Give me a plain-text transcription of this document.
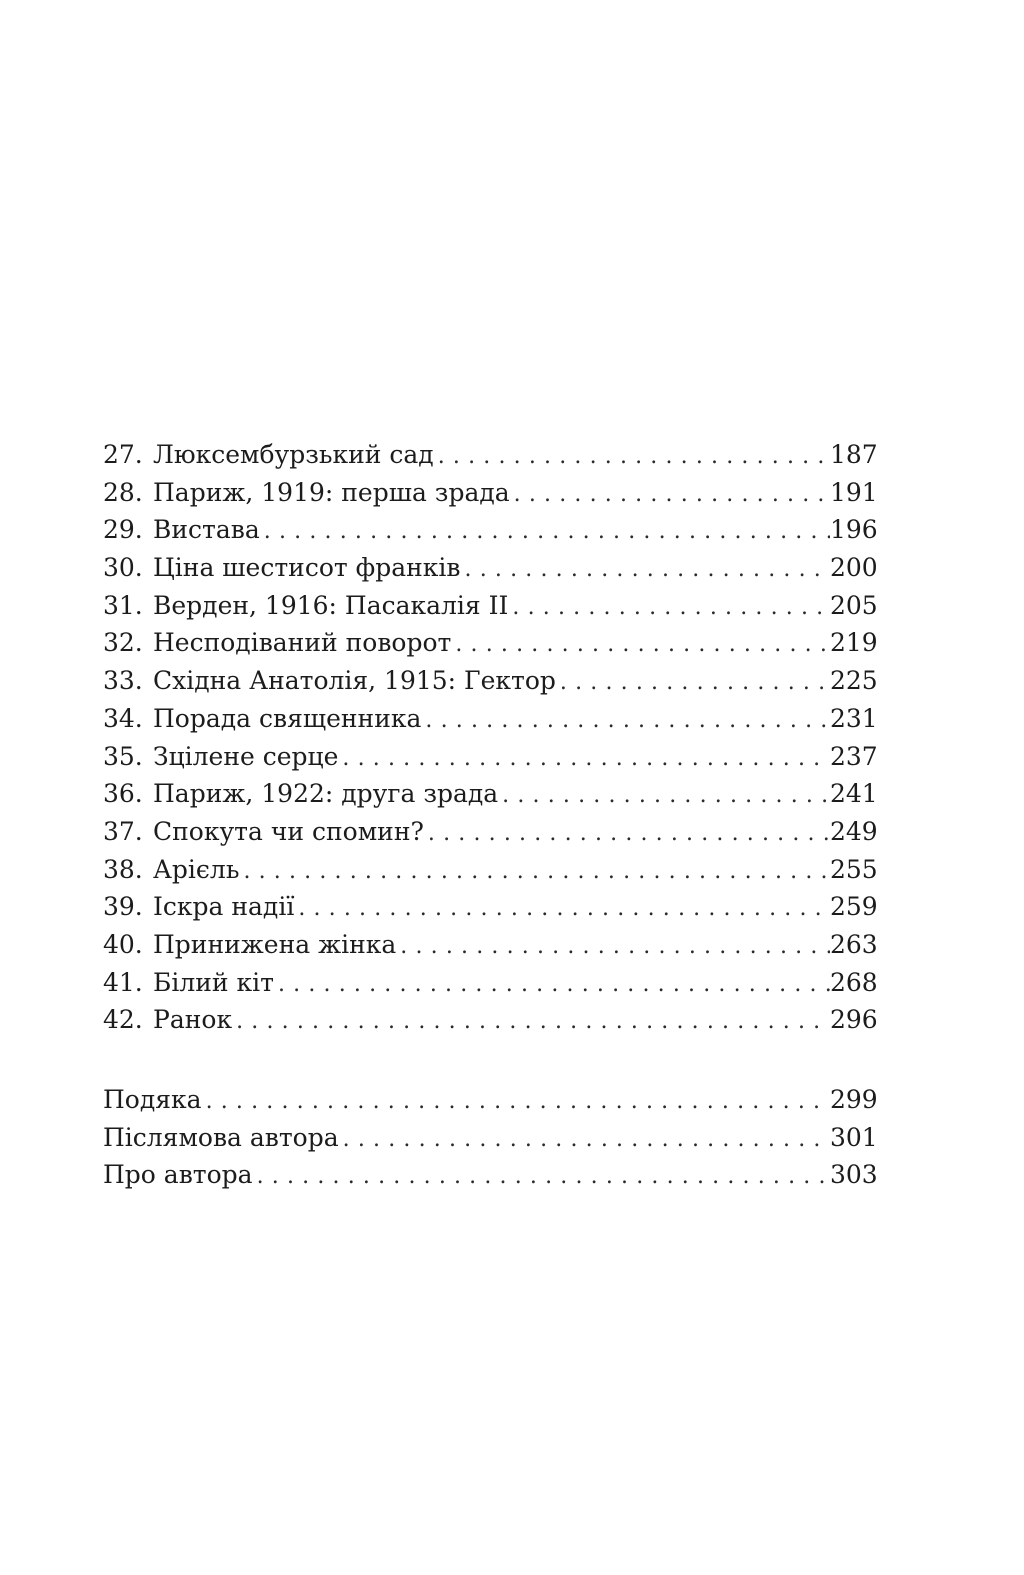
27. Люксембурзький сад . . .	187
28. Париж, 1919: перша зрада . . .	191
29. Вистава . . .	196
30. Ціна шестисот франків . . .	200
31. Верден, 1916: Пасакалія II . . .	205
32. Несподіваний поворот . . .	219
33. Східна Анатолія, 1915: Гектор . . .	225
34. Порада священника . . .	231
35. Зцілене серце . . .	237
36. Париж, 1922: друга зрада . . .	241
37. Спокута чи спомин? . . .	249
38. Арієль . . .	255
39. Іскра надії . . .	259
40. Принижена жінка . . .	263
41. Білий кіт . . .	268
42. Ранок . . .	296
Подяка . . .	299
Післямова автора . . .	301
Про автора . . .	303
